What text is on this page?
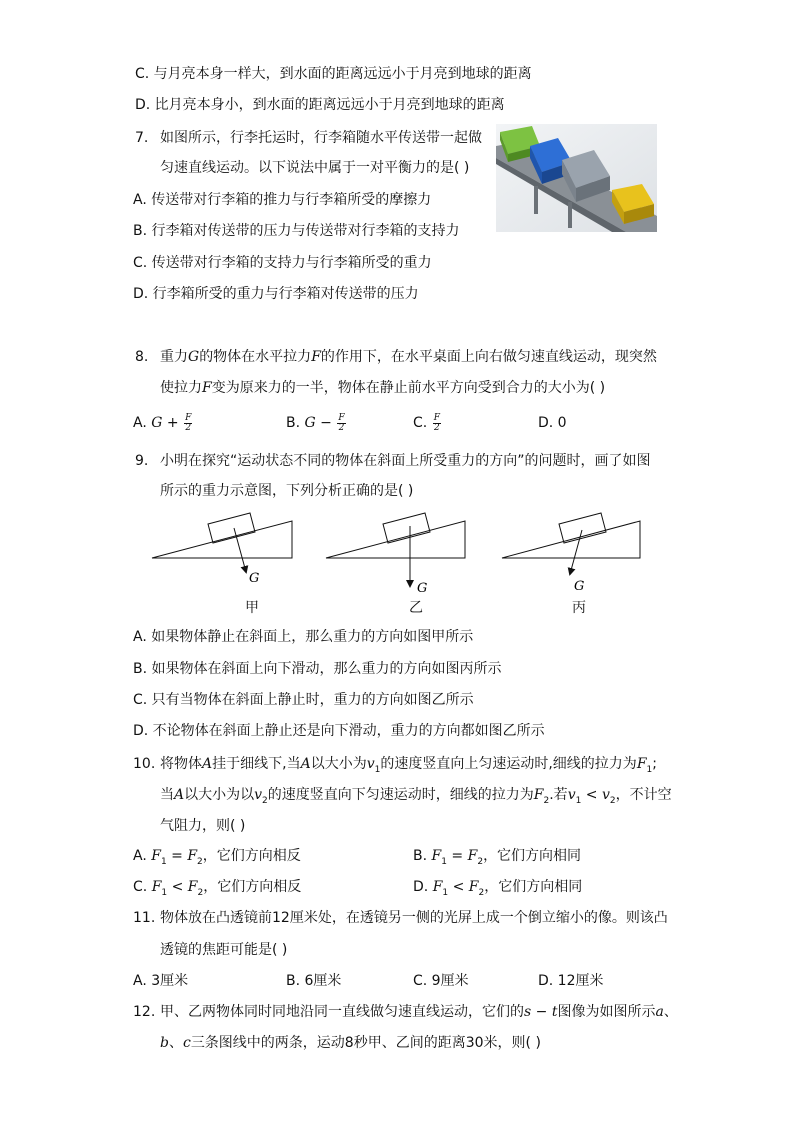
C. 与月亮本身一样大，到水面的距离远远小于月亮到地球的距离
D. 比月亮本身小，到水面的距离远远小于月亮到地球的距离
7. 如图所示，行李托运时，行李箱随水平传送带一起做
匀速直线运动。以下说法中属于一对平衡力的是( )
A. 传送带对行李箱的推力与行李箱所受的摩擦力
B. 行李箱对传送带的压力与传送带对行李箱的支持力
C. 传送带对行李箱的支持力与行李箱所受的重力
D. 行李箱所受的重力与行李箱对传送带的压力
8. 重力G的物体在水平拉力F的作用下，在水平桌面上向右做匀速直线运动，现突然
使拉力F变为原来力的一半，物体在静止前水平方向受到合力的大小为( )
A. $G + \frac{F}{2}$	B. $G - \frac{F}{2}$	C. $\frac{F}{2}$	D. 0
9. 小明在探究“运动状态不同的物体在斜面上所受重力的方向”的问题时，画了如图
所示的重力示意图，下列分析正确的是( )
G
G	G
甲	乙	丙
A. 如果物体静止在斜面上，那么重力的方向如图甲所示
B. 如果物体在斜面上向下滑动，那么重力的方向如图丙所示
C. 只有当物体在斜面上静止时，重力的方向如图乙所示
D. 不论物体在斜面上静止还是向下滑动，重力的方向都如图乙所示
10. 将物体A挂于细线下,当A以大小为$v_1$的速度竖直向上匀速运动时,细线的拉力为$F_1$;
当A以大小为以$v_2$的速度竖直向下匀速运动时，细线的拉力为$F_2$.若$v_1 < v_2$，不计空
气阻力，则( )
A. $F_1 = F_2$，它们方向相反	B. $F_1 = F_2$，它们方向相同
C. $F_1 < F_2$，它们方向相反	D. $F_1 < F_2$，它们方向相同
11. 物体放在凸透镜前12厘米处，在透镜另一侧的光屏上成一个倒立缩小的像。则该凸
透镜的焦距可能是( )
A. 3厘米	B. 6厘米	C. 9厘米	D. 12厘米
12. 甲、乙两物体同时同地沿同一直线做匀速直线运动，它们的s − t图像为如图所示a、
b、c三条图线中的两条，运动8秒甲、乙间的距离30米，则( )
